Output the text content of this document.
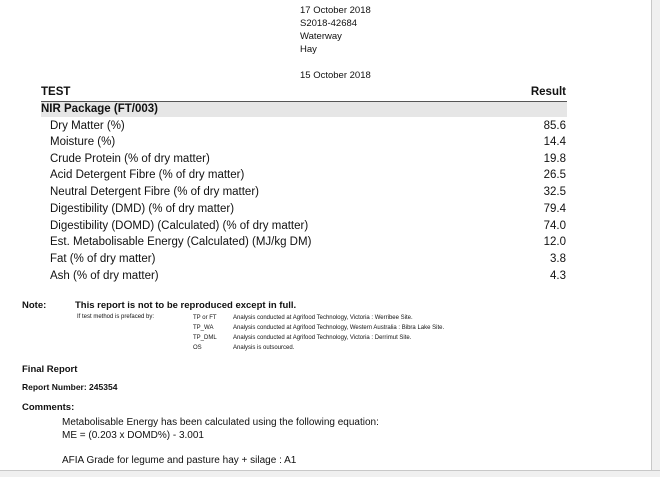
17 October 2018
S2018-42684
Waterway
Hay
15 October 2018
TEST	Result
NIR Package (FT/003)
Dry Matter (%)	85.6
Moisture (%)	14.4
Crude Protein (% of dry matter)	19.8
Acid Detergent Fibre (% of dry matter)	26.5
Neutral Detergent Fibre (% of dry matter)	32.5
Digestibility (DMD) (% of dry matter)	79.4
Digestibility (DOMD) (Calculated) (% of dry matter)	74.0
Est. Metabolisable Energy (Calculated) (MJ/kg DM)	12.0
Fat (% of dry matter)	3.8
Ash (% of dry matter)	4.3
Note:	This report is not to be reproduced except in full.
If test method is prefaced by:	TP or FT	Analysis conducted at Agrifood Technology, Victoria : Werribee Site.
TP_WA	Analysis conducted at Agrifood Technology, Western Australia : Bibra Lake Site.
TP_DML	Analysis conducted at Agrifood Technology, Victoria : Derrimut Site.
OS	Analysis is outsourced.
Final Report
Report Number: 245354
Comments:
Metabolisable Energy has been calculated using the following equation:
ME = (0.203 x DOMD%) - 3.001
AFIA Grade for legume and pasture hay + silage : A1
